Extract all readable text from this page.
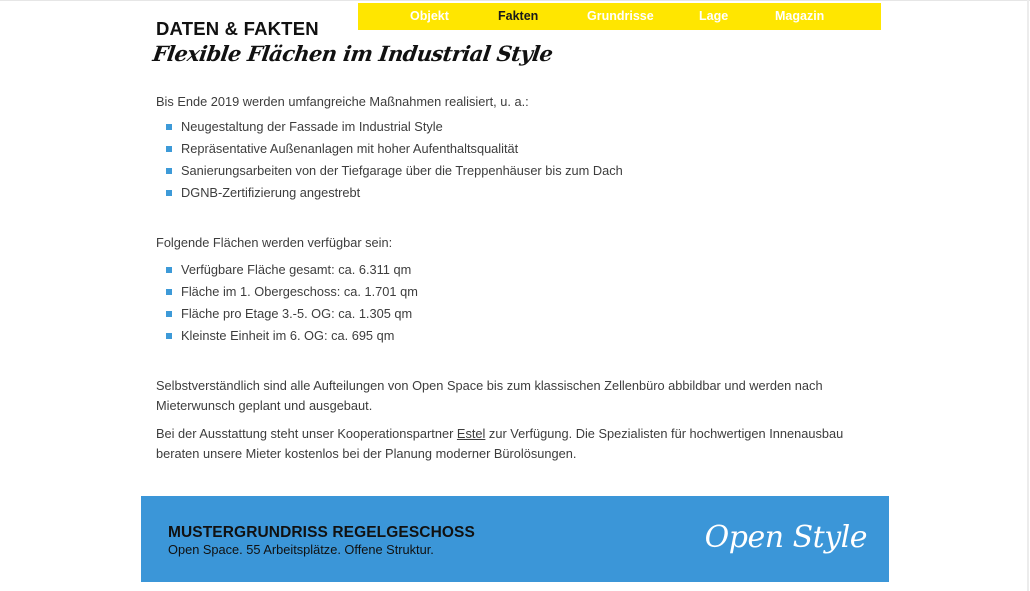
Objekt	Fakten	Grundrisse	Lage	Magazin
DATEN & FAKTEN
Flexible Flächen im Industrial Style

Bis Ende 2019 werden umfangreiche Maßnahmen realisiert, u. a.:

Neugestaltung der Fassade im Industrial Style
Repräsentative Außenanlagen mit hoher Aufenthaltsqualität
Sanierungsarbeiten von der Tiefgarage über die Treppenhäuser bis zum Dach
DGNB-Zertifizierung angestrebt

Folgende Flächen werden verfügbar sein:

Verfügbare Fläche gesamt: ca. 6.311 qm
Fläche im 1. Obergeschoss: ca. 1.701 qm
Fläche pro Etage 3.-5. OG: ca. 1.305 qm
Kleinste Einheit im 6. OG: ca. 695 qm

Selbstverständlich sind alle Aufteilungen von Open Space bis zum klassischen Zellenbüro abbildbar und werden nach Mieterwunsch geplant und ausgebaut.

Bei der Ausstattung steht unser Kooperationspartner Estel zur Verfügung. Die Spezialisten für hochwertigen Innenausbau beraten unsere Mieter kostenlos bei der Planung moderner Bürolösungen.

MUSTERGRUNDRISS REGELGESCHOSS
Open Space. 55 Arbeitsplätze. Offene Struktur.	Open Style
